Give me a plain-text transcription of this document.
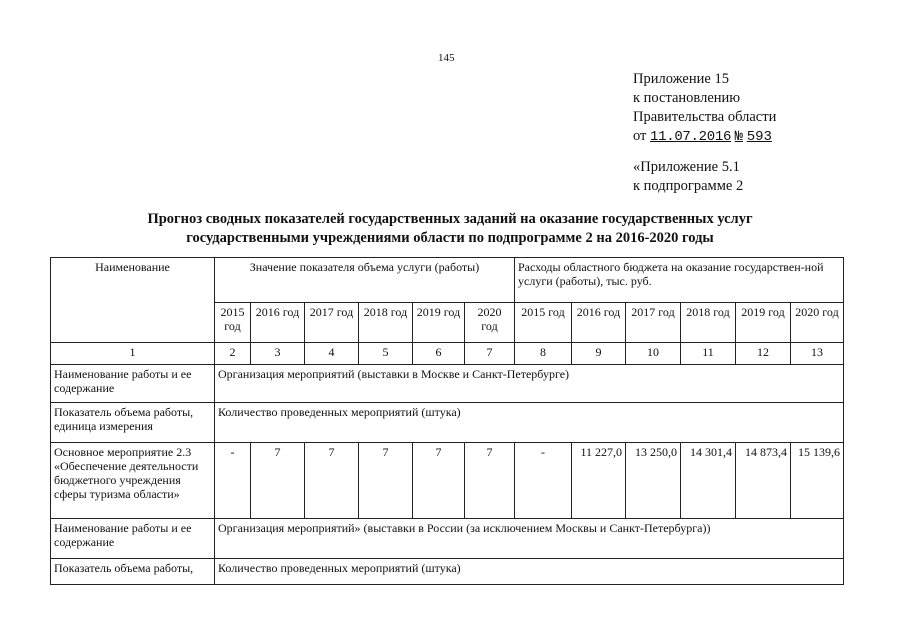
145
Приложение 15
к постановлению
Правительства области
от 11.07.2016 № 593
«Приложение 5.1
к подпрограмме 2
Прогноз сводных показателей государственных заданий на оказание государственных услуг
государственными учреждениями области по подпрограмме 2 на 2016-2020 годы
Наименование	Значение показателя объема услуги (работы)						Расходы областного бюджета на оказание государствен-ной услуги (работы), тыс. руб.					
	2015 год	2016 год	2017 год	2018 год	2019 год	2020 год	2015 год	2016 год	2017 год	2018 год	2019 год	2020 год
1	2	3	4	5	6	7	8	9	10	11	12	13
Наименование работы и ее содержание	Организация мероприятий (выставки в Москве и Санкт-Петербурге)											
Показатель объема работы, единица измерения	Количество проведенных мероприятий (штука)											
Основное мероприятие 2.3 «Обеспечение деятельности бюджетного учреждения сферы туризма области»	-	7	7	7	7	7	-	11 227,0	13 250,0	14 301,4	14 873,4	15 139,6
Наименование работы и ее содержание	Организация мероприятий» (выставки в России (за исключением Москвы и Санкт-Петербурга))											
Показатель объема работы,	Количество проведенных мероприятий (штука)											
